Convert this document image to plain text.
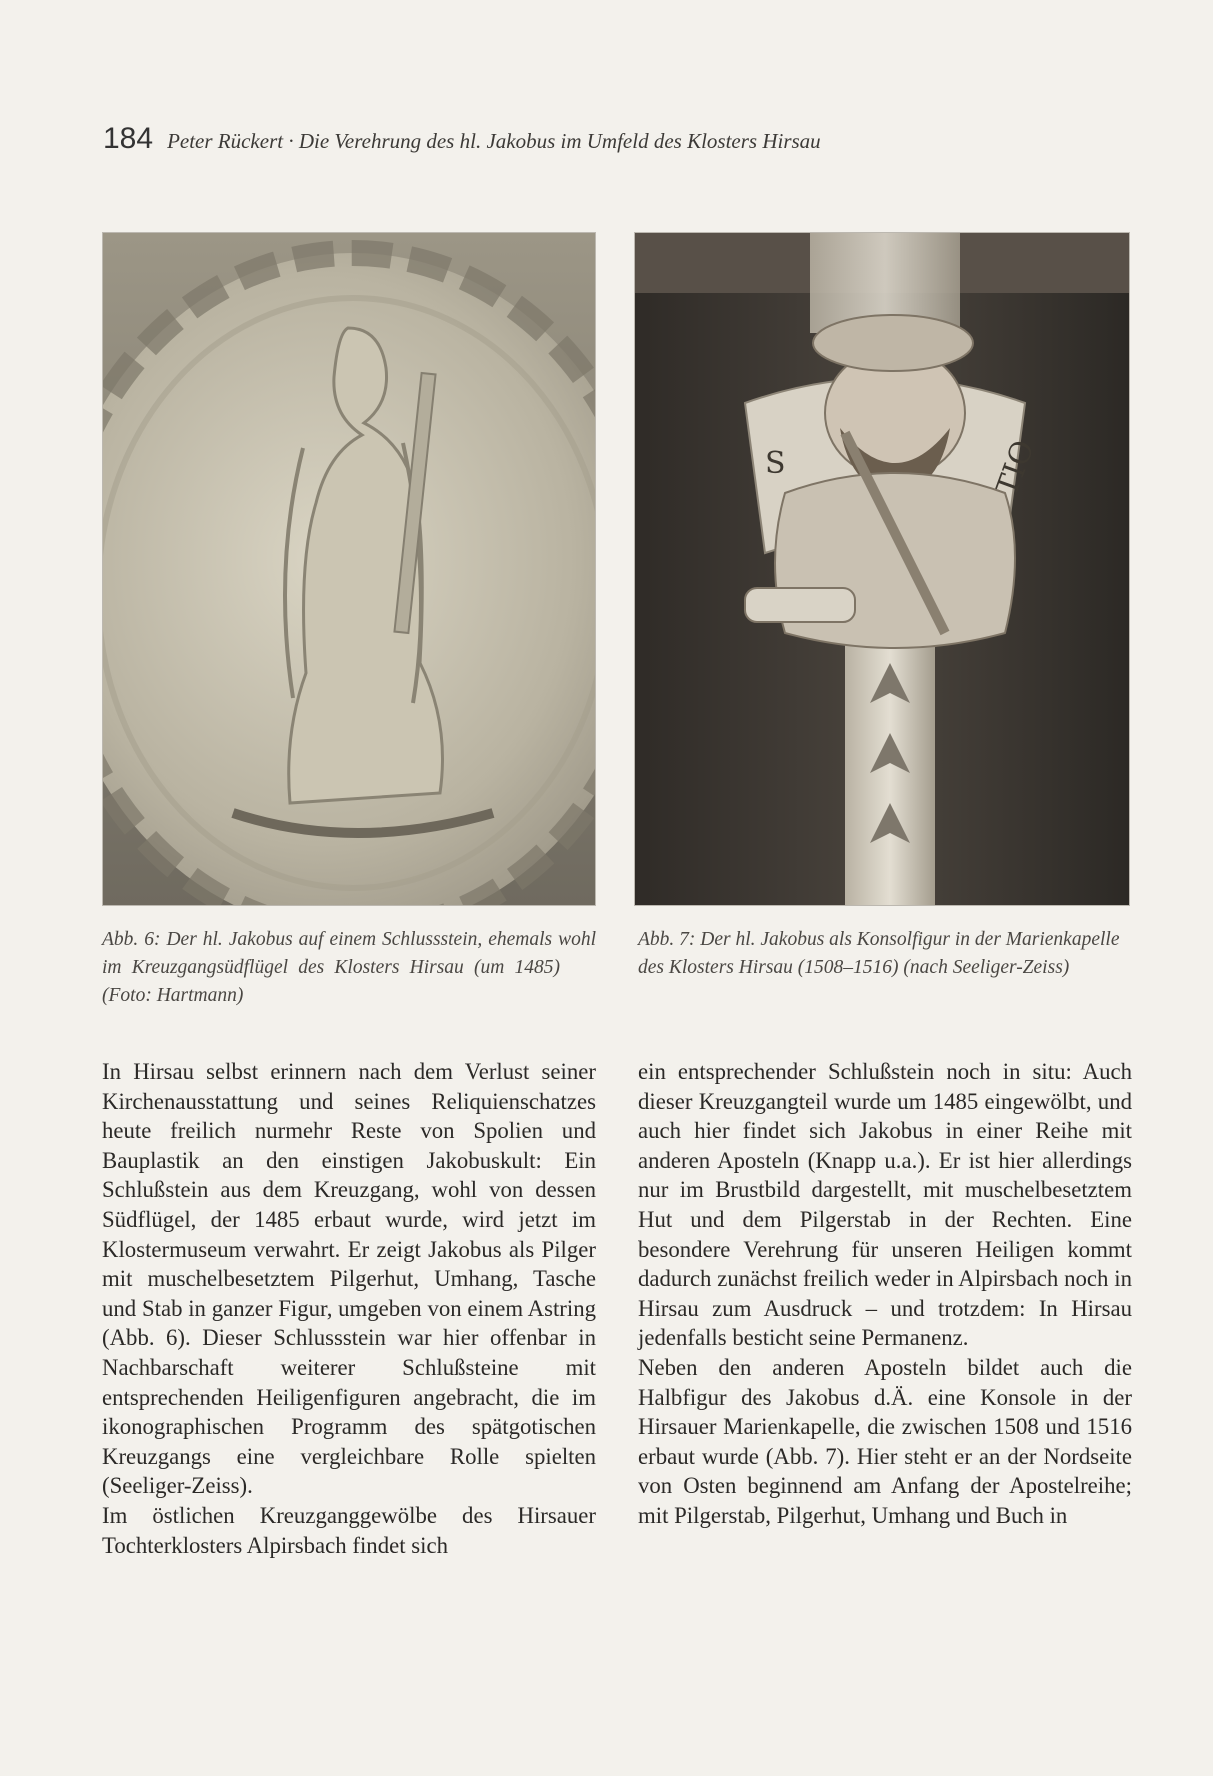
184 Peter Rückert · Die Verehrung des hl. Jakobus im Umfeld des Klosters Hirsau
S	TIO
Abb. 6: Der hl. Jakobus auf einem Schlussstein, ehemals wohl im Kreuzgangsüdflügel des Klosters Hirsau (um 1485)(Foto: Hartmann)
Abb. 7: Der hl. Jakobus als Konsolfigur in der Marienkapelle des Klosters Hirsau (1508–1516) (nach Seeliger-Zeiss)

In Hirsau selbst erinnern nach dem Verlust seiner Kirchenausstattung und seines Reliquienschatzes heute freilich nurmehr Reste von Spolien und Bauplastik an den einstigen Jakobuskult: Ein Schlußstein aus dem Kreuzgang, wohl von dessen Südflügel, der 1485 erbaut wurde, wird jetzt im Klostermuseum verwahrt. Er zeigt Jakobus als Pilger mit muschelbesetztem Pilgerhut, Umhang, Tasche und Stab in ganzer Figur, umgeben von einem Astring (Abb. 6). Dieser Schlussstein war hier offenbar in Nachbarschaft weiterer Schlußsteine mit entsprechenden Heiligenfiguren angebracht, die im ikonographischen Programm des spätgotischen Kreuzgangs eine vergleichbare Rolle spielten (Seeliger-Zeiss).

Im östlichen Kreuzganggewölbe des Hirsauer Tochterklosters Alpirsbach findet sich

ein entsprechender Schlußstein noch in situ: Auch dieser Kreuzgangteil wurde um 1485 eingewölbt, und auch hier findet sich Jakobus in einer Reihe mit anderen Aposteln (Knapp u.a.). Er ist hier allerdings nur im Brustbild dargestellt, mit muschelbesetztem Hut und dem Pilgerstab in der Rechten. Eine besondere Verehrung für unseren Heiligen kommt dadurch zunächst freilich weder in Alpirsbach noch in Hirsau zum Ausdruck – und trotzdem: In Hirsau jedenfalls besticht seine Permanenz.

Neben den anderen Aposteln bildet auch die Halbfigur des Jakobus d.Ä. eine Konsole in der Hirsauer Marienkapelle, die zwischen 1508 und 1516 erbaut wurde (Abb. 7). Hier steht er an der Nordseite von Osten beginnend am Anfang der Apostelreihe; mit Pilgerstab, Pilgerhut, Umhang und Buch in
